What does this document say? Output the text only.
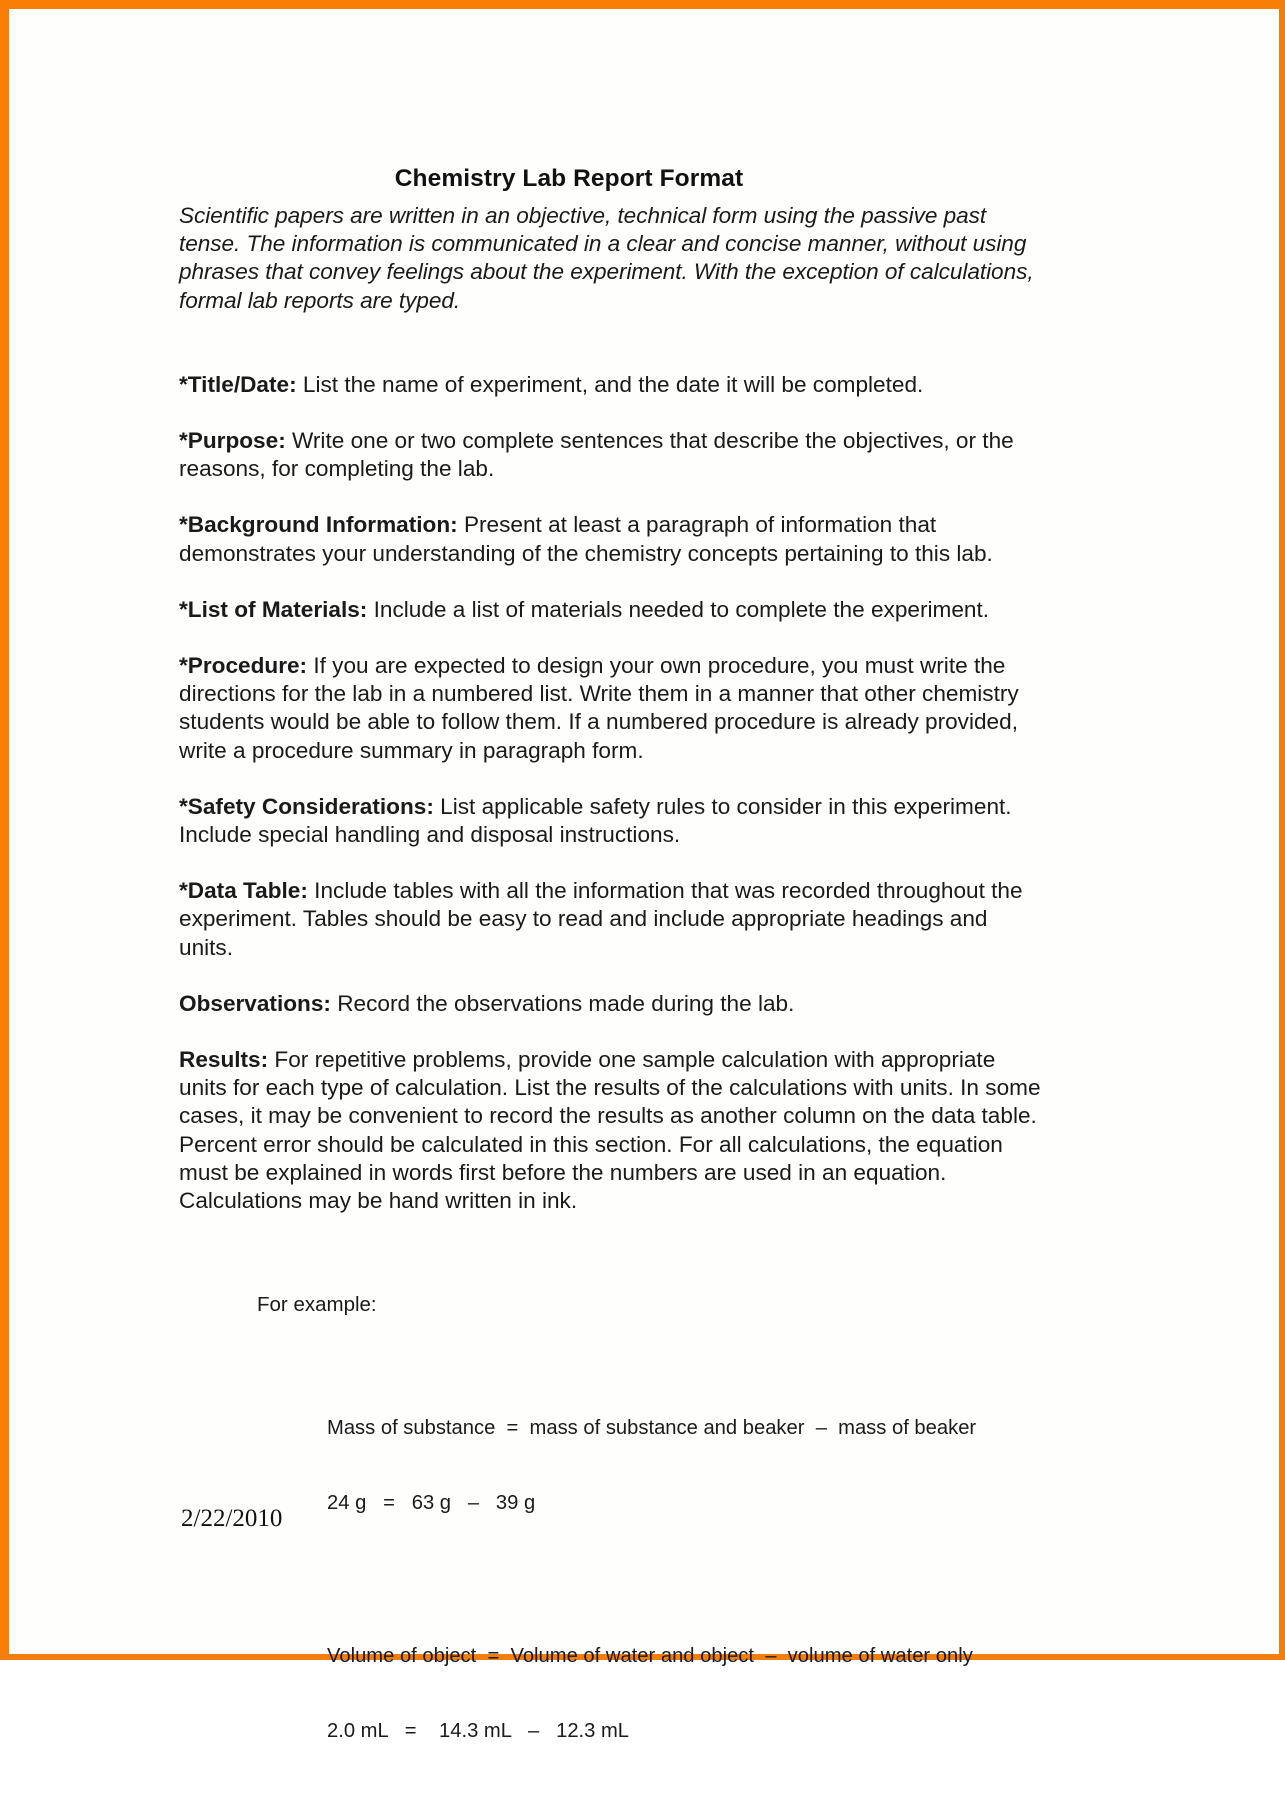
Chemistry Lab Report Format

Scientific papers are written in an objective, technical form using the passive past tense. The information is communicated in a clear and concise manner, without using phrases that convey feelings about the experiment. With the exception of calculations, formal lab reports are typed.

*Title/Date: List the name of experiment, and the date it will be completed.

*Purpose: Write one or two complete sentences that describe the objectives, or the reasons, for completing the lab.

*Background Information: Present at least a paragraph of information that demonstrates your understanding of the chemistry concepts pertaining to this lab.

*List of Materials: Include a list of materials needed to complete the experiment.

*Procedure: If you are expected to design your own procedure, you must write the directions for the lab in a numbered list. Write them in a manner that other chemistry students would be able to follow them. If a numbered procedure is already provided, write a procedure summary in paragraph form.

*Safety Considerations: List applicable safety rules to consider in this experiment. Include special handling and disposal instructions.

*Data Table: Include tables with all the information that was recorded throughout the experiment. Tables should be easy to read and include appropriate headings and units.

Observations: Record the observations made during the lab.

Results: For repetitive problems, provide one sample calculation with appropriate units for each type of calculation. List the results of the calculations with units. In some cases, it may be convenient to record the results as another column on the data table. Percent error should be calculated in this section. For all calculations, the equation must be explained in words first before the numbers are used in an equation. Calculations may be hand written in ink.

For example:

Mass of substance  =  mass of substance and beaker  –  mass of beaker

24 g   =   63 g   –   39 g

Volume of object  =  Volume of water and object  –  volume of water only

2.0 mL   =    14.3 mL   –   12.3 mL

2/22/2010
